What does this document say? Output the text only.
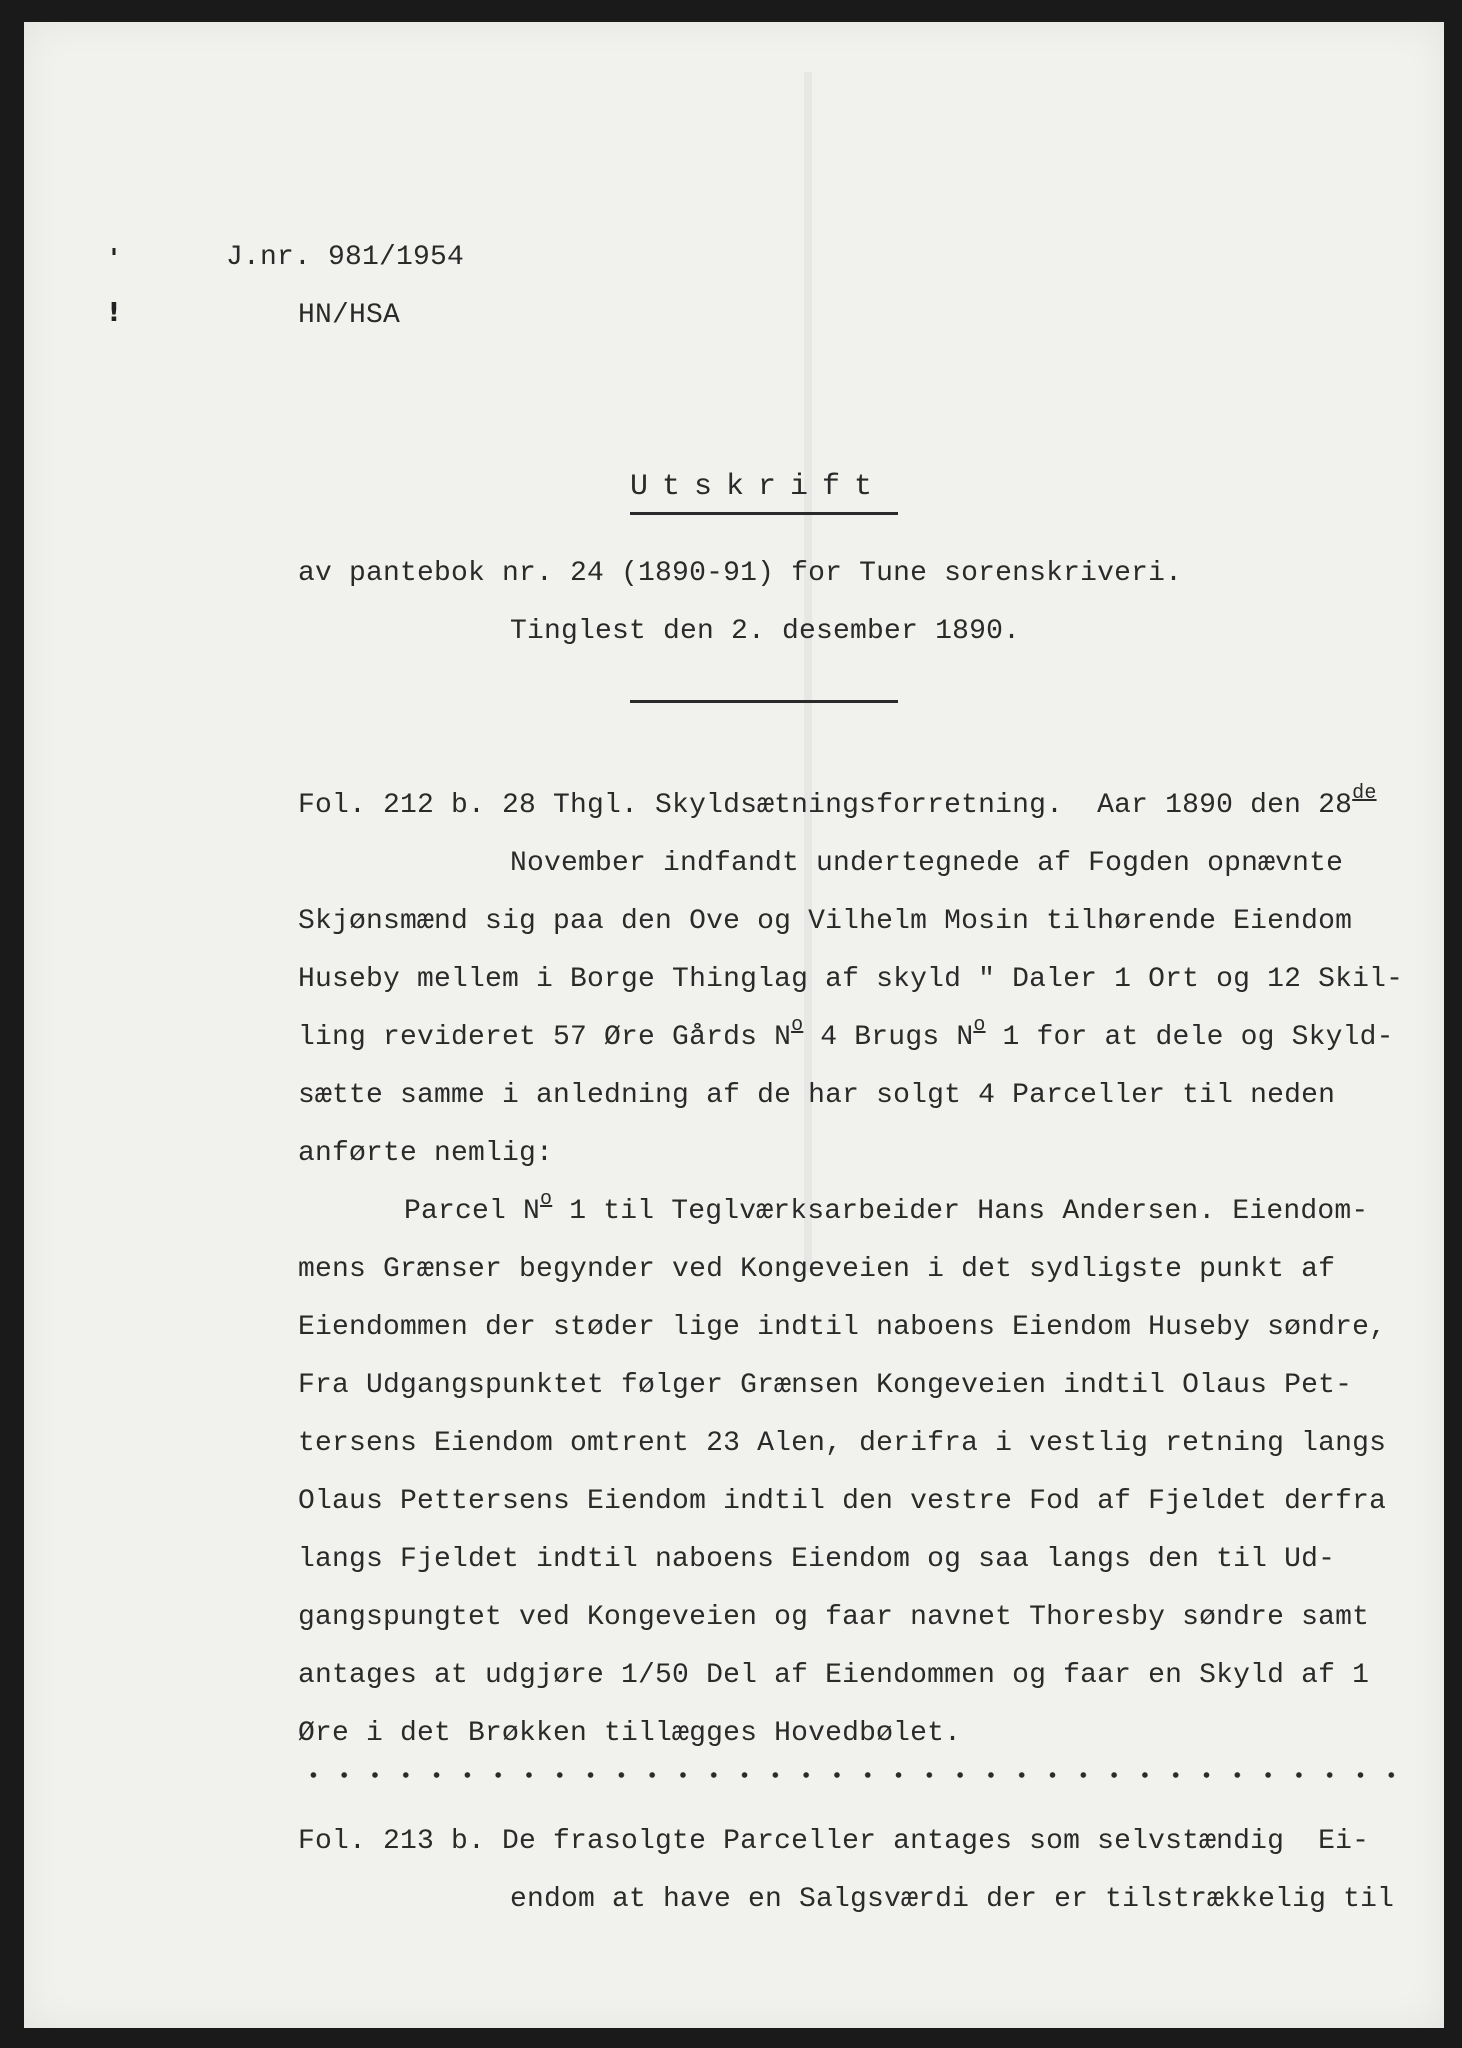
'
!
J.nr. 981/1954
HN/HSA
Utskrift
av pantebok nr. 24 (1890-91) for Tune sorenskriveri.
Tinglest den 2. desember 1890.
Fol. 212 b. 28 Thgl. Skyldsætningsforretning.  Aar 1890 den 28de
November indfandt undertegnede af Fogden opnævnte
Skjønsmænd sig paa den Ove og Vilhelm Mosin tilhørende Eiendom
Huseby mellem i Borge Thinglag af skyld " Daler 1 Ort og 12 Skil-
ling revideret 57 Øre Gårds $N^o$ 4 Brugs $N^o$ 1 for at dele og Skyld-
sætte samme i anledning af de har solgt 4 Parceller til neden
anførte nemlig:
Parcel $N^o$ 1 til Teglværksarbeider Hans Andersen. Eiendom-
mens Grænser begynder ved Kongeveien i det sydligste punkt af
Eiendommen der støder lige indtil naboens Eiendom Huseby søndre,
Fra Udgangspunktet følger Grænsen Kongeveien indtil Olaus Pet-
tersens Eiendom omtrent 23 Alen, derifra i vestlig retning langs
Olaus Pettersens Eiendom indtil den vestre Fod af Fjeldet derfra
langs Fjeldet indtil naboens Eiendom og saa langs den til Ud-
gangspungtet ved Kongeveien og faar navnet Thoresby søndre samt
antages at udgjøre 1/50 Del af Eiendommen og faar en Skyld af 1
Øre i det Brøkken tillægges Hovedbølet.
Fol. 213 b. De frasolgte Parceller antages som selvstændig  Ei-
endom at have en Salgsværdi der er tilstrækkelig til
